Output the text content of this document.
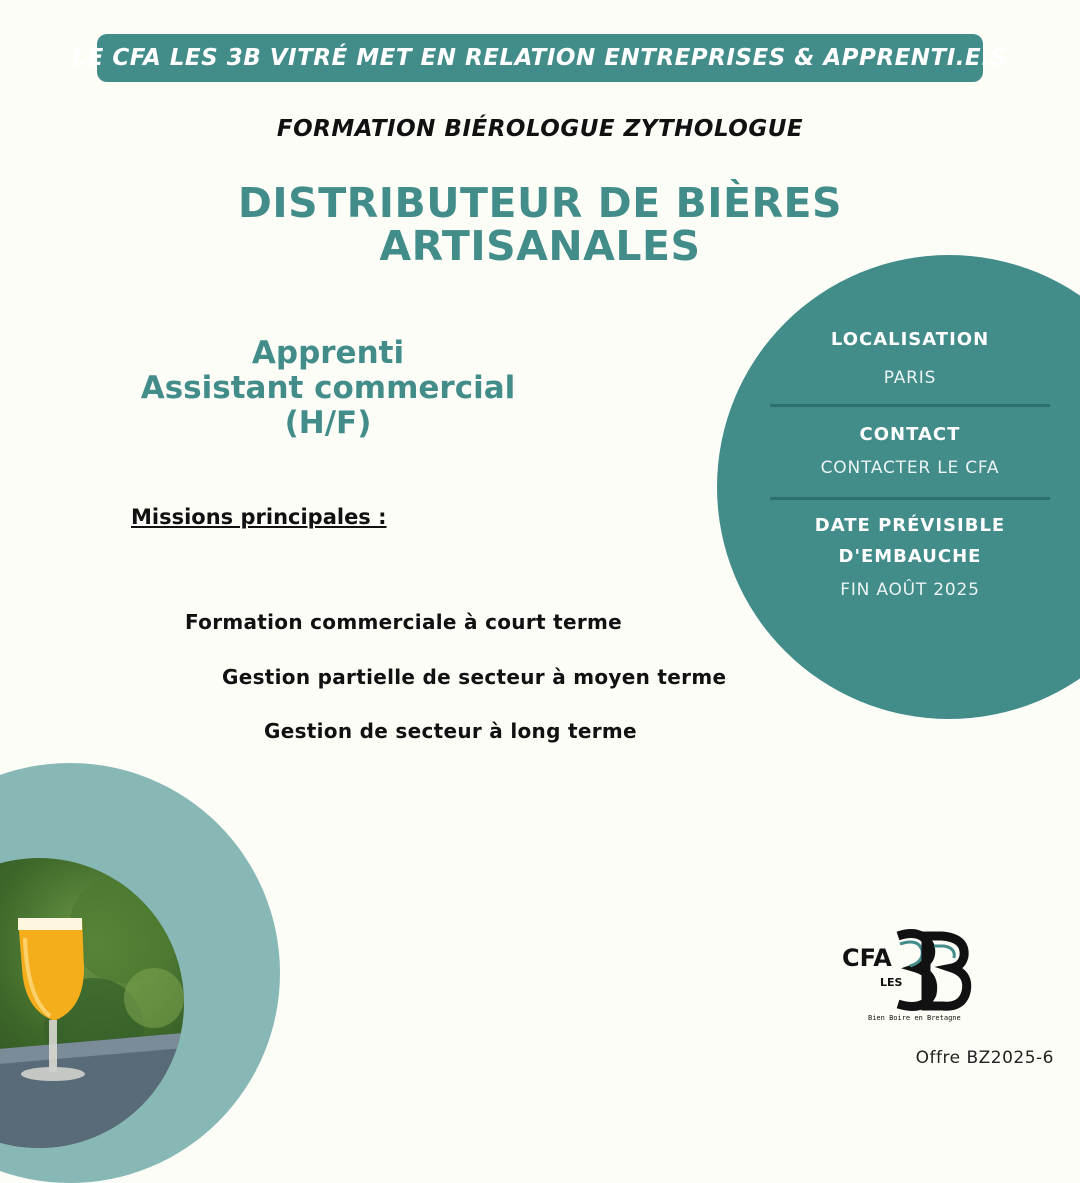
LE CFA LES 3B VITRÉ MET EN RELATION ENTREPRISES & APPRENTI.E.S
FORMATION BIÉROLOGUE ZYTHOLOGUE
DISTRIBUTEUR DE BIÈRES
ARTISANALES
Apprenti
Assistant commercial
(H/F)
Missions principales :
Formation commerciale à court terme
Gestion partielle de secteur à moyen terme
Gestion de secteur à long terme
LOCALISATION
PARIS
CONTACT
CONTACTER LE CFA
DATE PRÉVISIBLE
D'EMBAUCHE
FIN AOÛT 2025
CFA
LES
Bien Boire en Bretagne
Offre BZ2025-6
